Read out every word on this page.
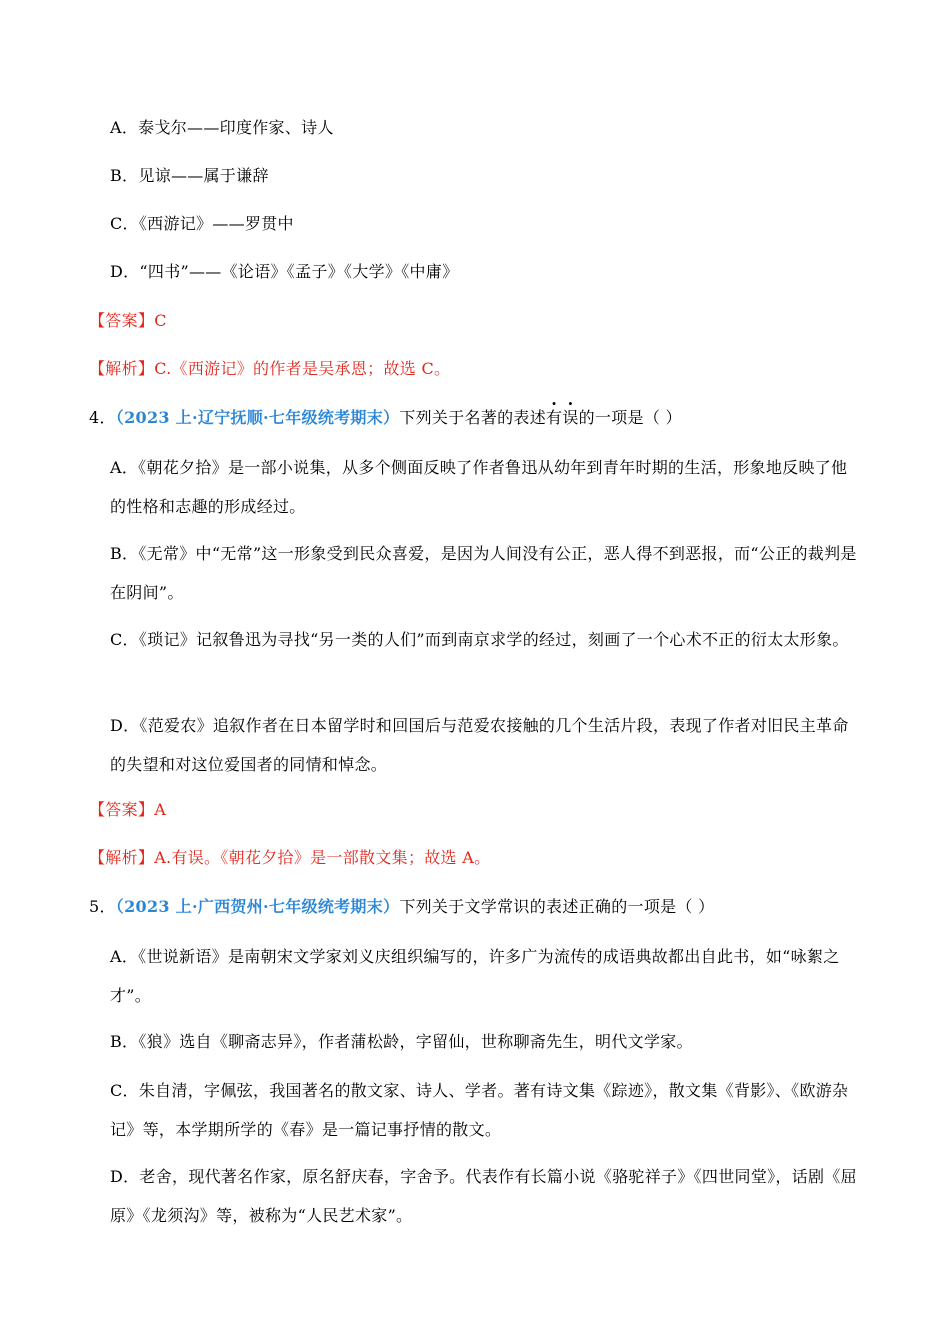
A．泰戈尔——印度作家、诗人
B．见谅——属于谦辞
C．《西游记》——罗贯中
D．“四书”——《论语》《孟子》《大学》《中庸》
【答案】C
【解析】C.《西游记》的作者是吴承恩；故选 C。
4．（2023 上·辽宁抚顺·七年级统考期末）下列关于名著的表述有误的一项是（ ）
A．《朝花夕拾》是一部小说集，从多个侧面反映了作者鲁迅从幼年到青年时期的生活，形象地反映了他的性格和志趣的形成经过。
B．《无常》中“无常”这一形象受到民众喜爱，是因为人间没有公正，恶人得不到恶报，而“公正的裁判是在阴间”。
C．《琐记》记叙鲁迅为寻找“另一类的人们”而到南京求学的经过，刻画了一个心术不正的衍太太形象。
D．《范爱农》追叙作者在日本留学时和回国后与范爱农接触的几个生活片段，表现了作者对旧民主革命的失望和对这位爱国者的同情和悼念。
【答案】A
【解析】A.有误。《朝花夕拾》是一部散文集；故选 A。
5．（2023 上·广西贺州·七年级统考期末）下列关于文学常识的表述正确的一项是（ ）
A．《世说新语》是南朝宋文学家刘义庆组织编写的，许多广为流传的成语典故都出自此书，如“咏絮之才”。
B．《狼》选自《聊斋志异》，作者蒲松龄，字留仙，世称聊斋先生，明代文学家。
C．朱自清，字佩弦，我国著名的散文家、诗人、学者。著有诗文集《踪迹》，散文集《背影》、《欧游杂记》等，本学期所学的《春》是一篇记事抒情的散文。
D．老舍，现代著名作家，原名舒庆春，字舍予。代表作有长篇小说《骆驼祥子》《四世同堂》，话剧《屈原》《龙须沟》等，被称为“人民艺术家”。
